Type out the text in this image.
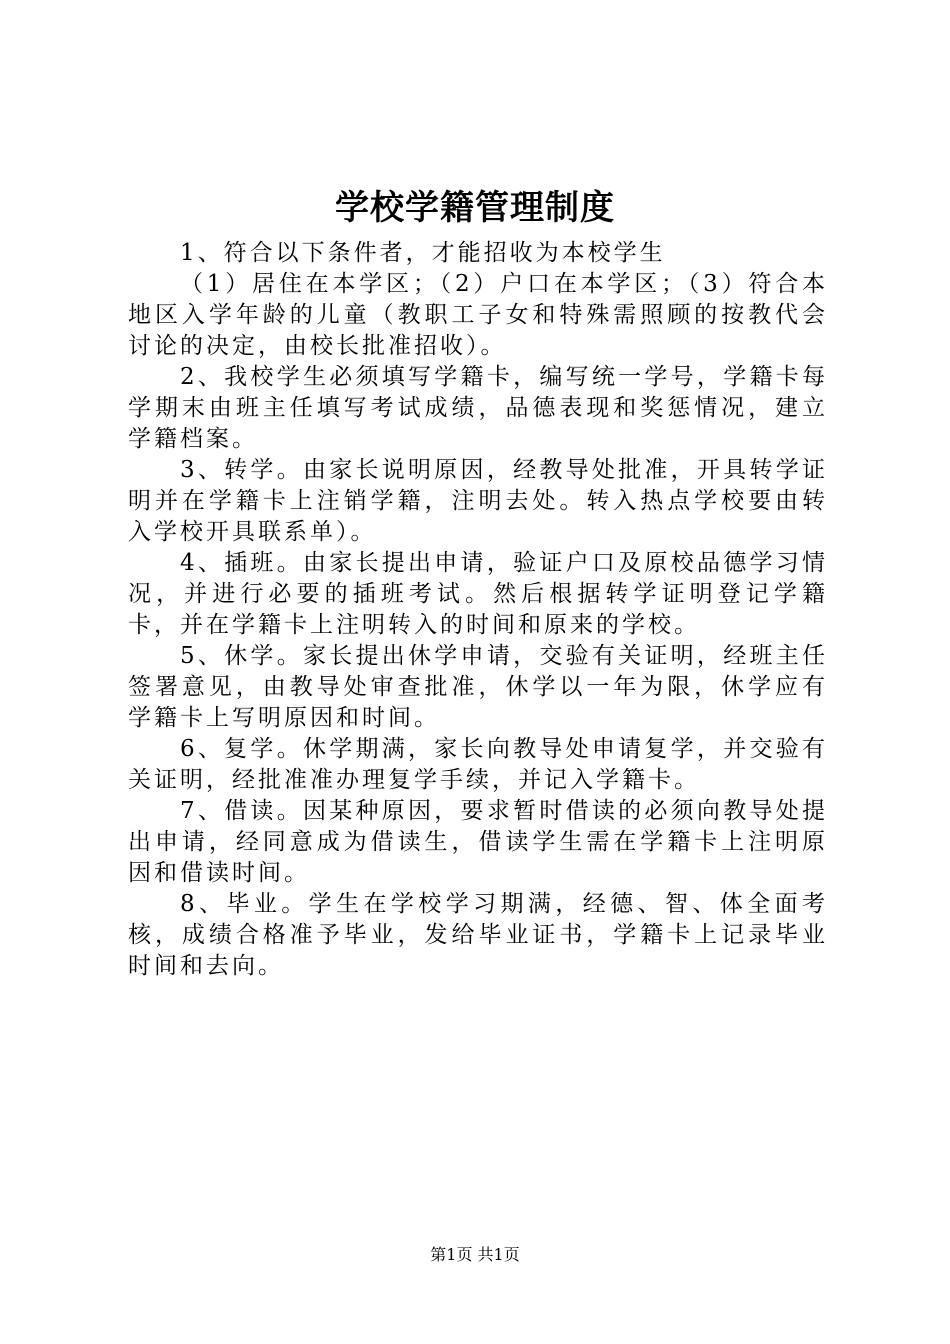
学校学籍管理制度

1、符合以下条件者，才能招收为本校学生

（1）居住在本学区；（2）户口在本学区；（3）符合本地区入学年龄的儿童（教职工子女和特殊需照顾的按教代会讨论的决定，由校长批准招收）。

2、我校学生必须填写学籍卡，编写统一学号，学籍卡每学期末由班主任填写考试成绩，品德表现和奖惩情况，建立学籍档案。

3、转学。由家长说明原因，经教导处批准，开具转学证明并在学籍卡上注销学籍，注明去处。转入热点学校要由转入学校开具联系单）。

4、插班。由家长提出申请，验证户口及原校品德学习情况，并进行必要的插班考试。然后根据转学证明登记学籍卡，并在学籍卡上注明转入的时间和原来的学校。

5、休学。家长提出休学申请，交验有关证明，经班主任签署意见，由教导处审查批准，休学以一年为限，休学应有学籍卡上写明原因和时间。

6、复学。休学期满，家长向教导处申请复学，并交验有关证明，经批准准办理复学手续，并记入学籍卡。

7、借读。因某种原因，要求暂时借读的必须向教导处提出申请，经同意成为借读生，借读学生需在学籍卡上注明原因和借读时间。

8、毕业。学生在学校学习期满，经德、智、体全面考核，成绩合格准予毕业，发给毕业证书，学籍卡上记录毕业时间和去向。

第1页 共1页
